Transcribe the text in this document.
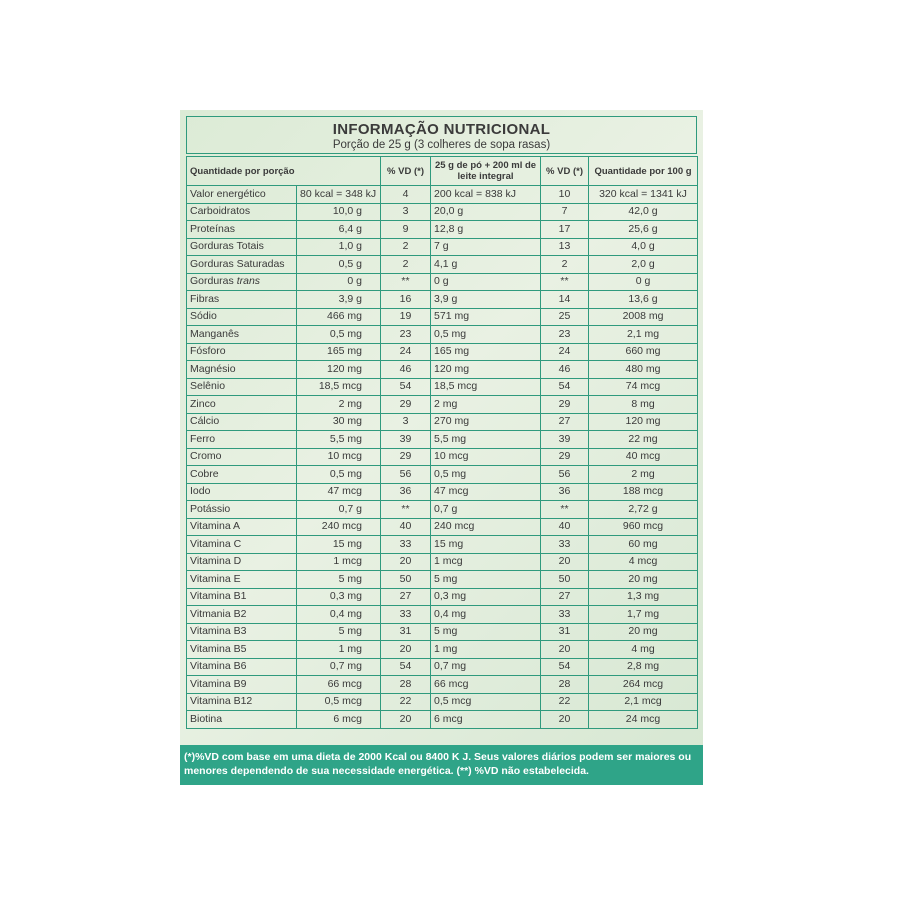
INFORMAÇÃO NUTRICIONAL
Porção de 25 g (3 colheres de sopa rasas)
Quantidade por porção		% VD (*)	25 g de pó + 200 ml de leite integral	% VD (*)	Quantidade por 100 g
Valor energético	80 kcal = 348 kJ	4	200 kcal = 838 kJ	10	320 kcal = 1341 kJ
Carboidratos	10,0 g	3	20,0 g	7	42,0 g
Proteínas	6,4 g	9	12,8 g	17	25,6 g
Gorduras Totais	1,0 g	2	7 g	13	4,0 g
Gorduras Saturadas	0,5 g	2	4,1 g	2	2,0 g
Gorduras trans	0 g	**	0 g	**	0 g
Fibras	3,9 g	16	3,9 g	14	13,6 g
Sódio	466 mg	19	571 mg	25	2008 mg
Manganês	0,5 mg	23	0,5 mg	23	2,1 mg
Fósforo	165 mg	24	165 mg	24	660 mg
Magnésio	120 mg	46	120 mg	46	480 mg
Selênio	18,5 mcg	54	18,5 mcg	54	74 mcg
Zinco	2 mg	29	2 mg	29	8 mg
Cálcio	30 mg	3	270 mg	27	120 mg
Ferro	5,5 mg	39	5,5 mg	39	22 mg
Cromo	10 mcg	29	10 mcg	29	40 mcg
Cobre	0,5 mg	56	0,5 mg	56	2 mg
Iodo	47 mcg	36	47 mcg	36	188 mcg
Potássio	0,7 g	**	0,7 g	**	2,72 g
Vitamina A	240 mcg	40	240 mcg	40	960 mcg
Vitamina C	15 mg	33	15 mg	33	60 mg
Vitamina D	1 mcg	20	1 mcg	20	4 mcg
Vitamina E	5 mg	50	5 mg	50	20 mg
Vitamina B1	0,3 mg	27	0,3 mg	27	1,3 mg
Vitmania B2	0,4 mg	33	0,4 mg	33	1,7 mg
Vitamina B3	5 mg	31	5 mg	31	20 mg
Vitamina B5	1 mg	20	1 mg	20	4 mg
Vitamina B6	0,7 mg	54	0,7 mg	54	2,8 mg
Vitamina B9	66 mcg	28	66 mcg	28	264 mcg
Vitamina B12	0,5 mcg	22	0,5 mcg	22	2,1 mcg
Biotina	6 mcg	20	6 mcg	20	24 mcg
(*)%VD com base em uma dieta de 2000 Kcal ou 8400 K J. Seus valores diários podem ser maiores ou menores dependendo de sua necessidade energética. (**) %VD não estabelecida.
